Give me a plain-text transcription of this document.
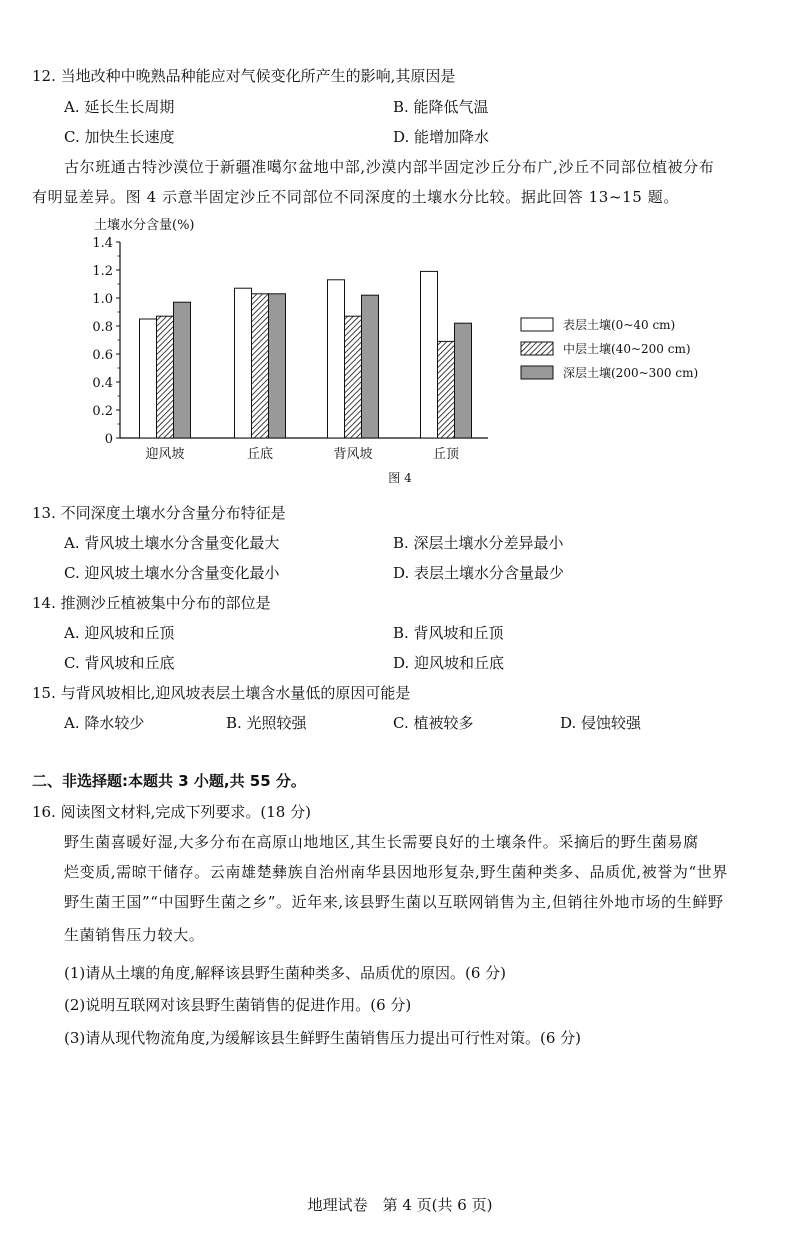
12. 当地改种中晚熟品种能应对气候变化所产生的影响,其原因是
A. 延长生长周期	B. 能降低气温
C. 加快生长速度	D. 能增加降水
古尔班通古特沙漠位于新疆准噶尔盆地中部,沙漠内部半固定沙丘分布广,沙丘不同部位植被分布
有明显差异。图 4 示意半固定沙丘不同部位不同深度的土壤水分比较。据此回答 13~15 题。
土壤水分含量(%)
0
0.2
0.4
0.6
0.8
1.0
1.2
1.4
迎风坡	丘底	背风坡	丘顶
表层土壤(0~40 cm)
中层土壤(40~200 cm)
深层土壤(200~300 cm)
图 4
13. 不同深度土壤水分含量分布特征是
A. 背风坡土壤水分含量变化最大	B. 深层土壤水分差异最小
C. 迎风坡土壤水分含量变化最小	D. 表层土壤水分含量最少
14. 推测沙丘植被集中分布的部位是
A. 迎风坡和丘顶	B. 背风坡和丘顶
C. 背风坡和丘底	D. 迎风坡和丘底
15. 与背风坡相比,迎风坡表层土壤含水量低的原因可能是
A. 降水较少	B. 光照较强	C. 植被较多	D. 侵蚀较强
二、非选择题:本题共 3 小题,共 55 分。
16. 阅读图文材料,完成下列要求。(18 分)
野生菌喜暖好湿,大多分布在高原山地地区,其生长需要良好的土壤条件。采摘后的野生菌易腐
烂变质,需晾干储存。云南雄楚彝族自治州南华县因地形复杂,野生菌种类多、品质优,被誉为“世界
野生菌王国”“中国野生菌之乡”。近年来,该县野生菌以互联网销售为主,但销往外地市场的生鲜野
生菌销售压力较大。
(1)请从土壤的角度,解释该县野生菌种类多、品质优的原因。(6 分)
(2)说明互联网对该县野生菌销售的促进作用。(6 分)
(3)请从现代物流角度,为缓解该县生鲜野生菌销售压力提出可行性对策。(6 分)
地理试卷　第 4 页(共 6 页)
